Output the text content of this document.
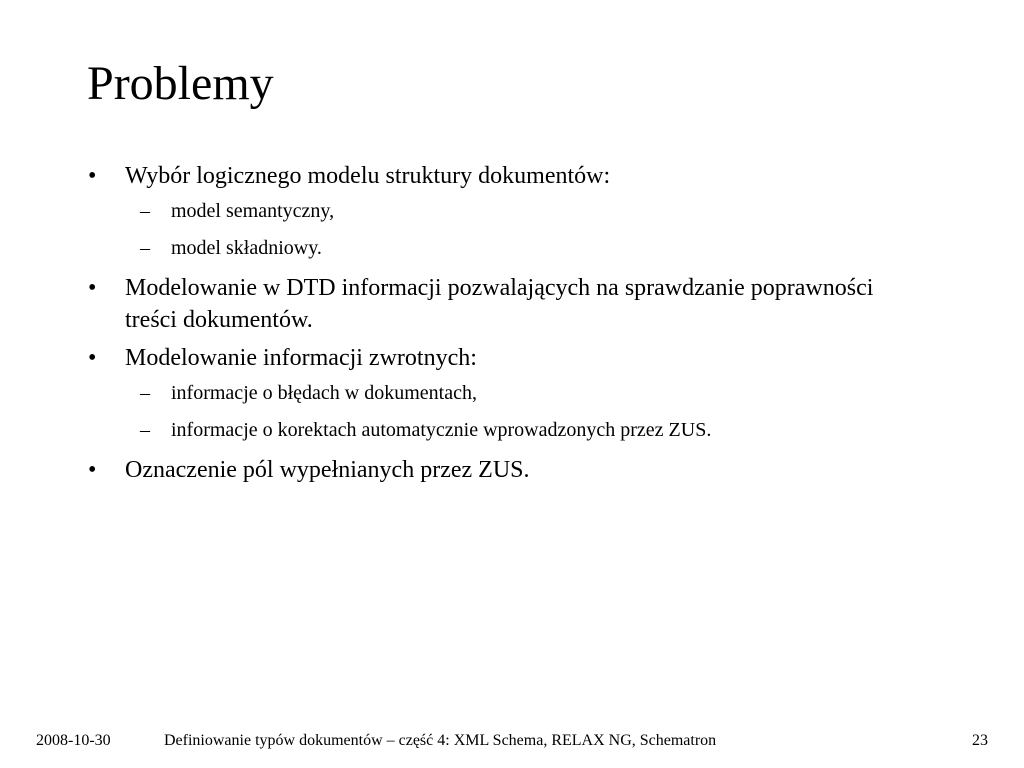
Problemy
• Wybór logicznego modelu struktury dokumentów:
– model semantyczny,
– model składniowy.
• Modelowanie w DTD informacji pozwalających na sprawdzanie poprawności treści dokumentów.
• Modelowanie informacji zwrotnych:
– informacje o błędach w dokumentach,
– informacje o korektach automatycznie wprowadzonych przez ZUS.
• Oznaczenie pól wypełnianych przez ZUS.
2008-10-30	Definiowanie typów dokumentów – część 4: XML Schema, RELAX NG, Schematron	23
